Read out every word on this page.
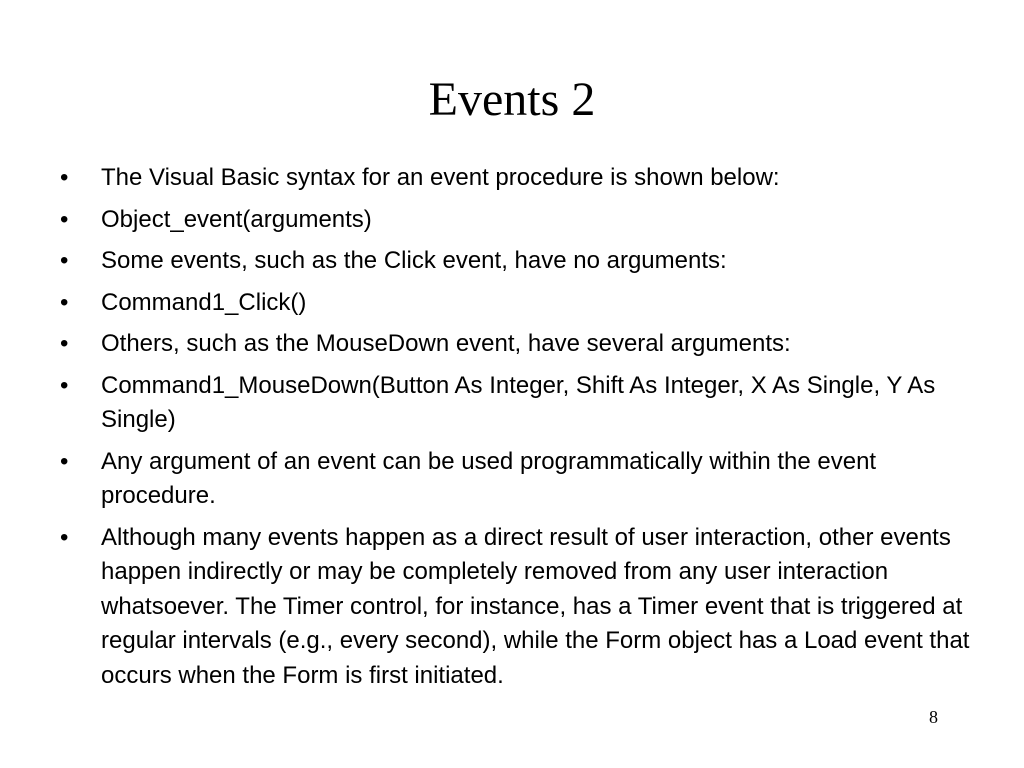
Events 2
•	The Visual Basic syntax for an event procedure is shown below:
•	Object_event(arguments)
•	Some events, such as the Click event, have no arguments:
•	Command1_Click()
•	Others, such as the MouseDown event, have several arguments:
•	Command1_MouseDown(Button As Integer, Shift As Integer, X As Single, Y As Single)
•	Any argument of an event can be used programmatically within the event procedure.
•	Although many events happen as a direct result of user interaction, other events happen indirectly or may be completely removed from any user interaction whatsoever. The Timer control, for instance, has a Timer event that is triggered at regular intervals (e.g., every second), while the Form object has a Load event that occurs when the Form is first initiated.
8
